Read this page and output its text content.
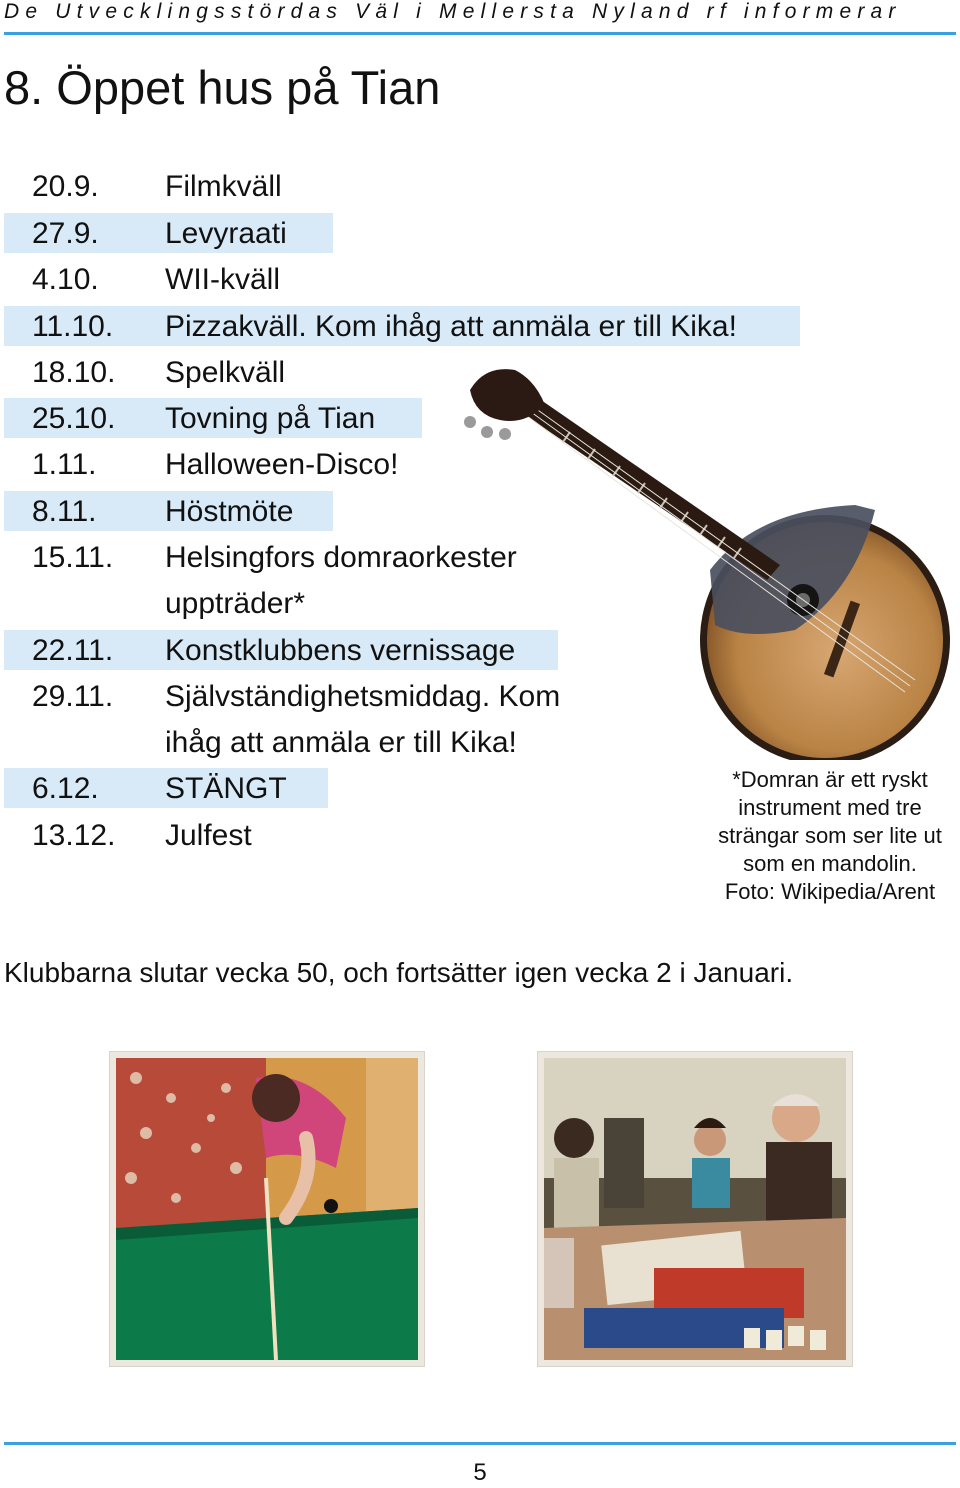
De Utvecklingsstördas Väl i Mellersta Nyland rf informerar
8. Öppet hus på Tian
20.9. Filmkväll
27.9. Levyraati
4.10. WII-kväll
11.10. Pizzakväll. Kom ihåg att anmäla er till Kika!
18.10. Spelkväll
25.10. Tovning på Tian
1.11. Halloween-Disco!
8.11. Höstmöte
15.11. Helsingfors domraorkester
uppträder*
22.11. Konstklubbens vernissage
29.11. Självständighetsmiddag. Kom
ihåg att anmäla er till Kika!
6.12. STÄNGT
13.12. Julfest
*Domran är ett ryskt
instrument med tre
strängar som ser lite ut
som en mandolin.
Foto: Wikipedia/Arent
Klubbarna slutar vecka 50, och fortsätter igen vecka 2 i Januari.
5
